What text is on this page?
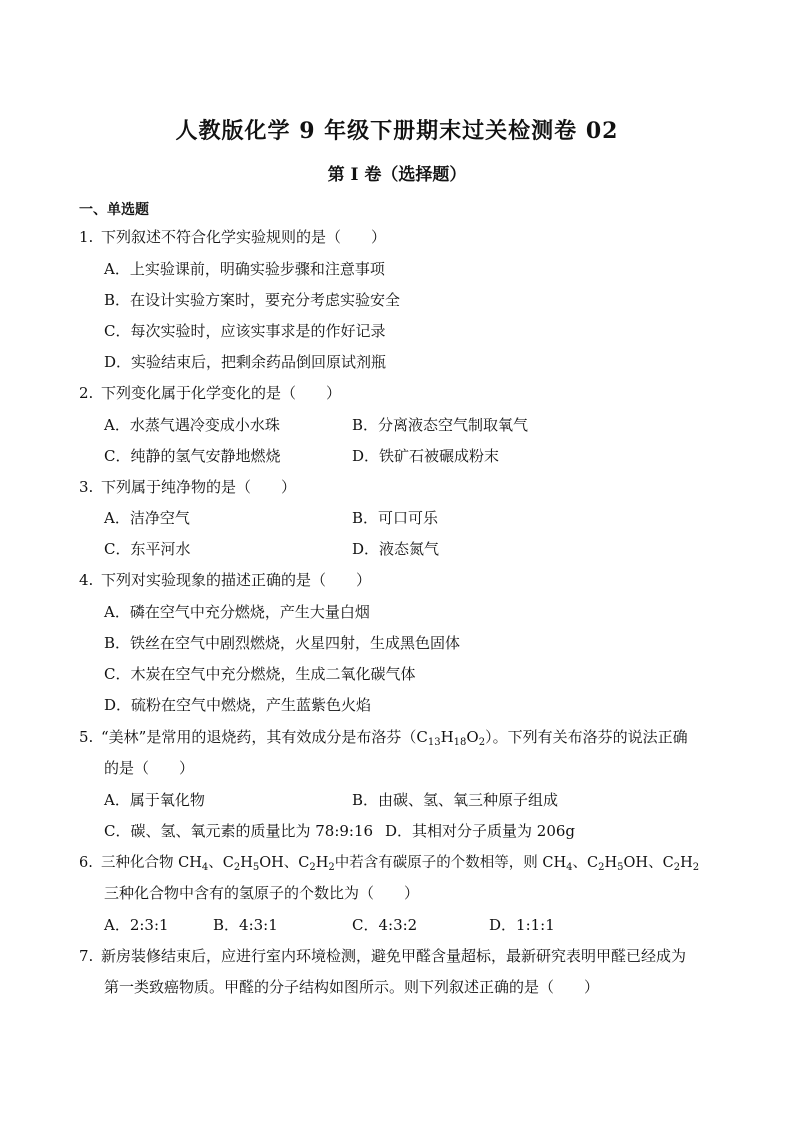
人教版化学 9 年级下册期末过关检测卷 02
第 I 卷（选择题）
一、单选题
1. 下列叙述不符合化学实验规则的是（　　）
A．上实验课前，明确实验步骤和注意事项
B．在设计实验方案时，要充分考虑实验安全
C．每次实验时，应该实事求是的作好记录
D．实验结束后，把剩余药品倒回原试剂瓶
2. 下列变化属于化学变化的是（　　）
A．水蒸气遇冷变成小水珠	B．分离液态空气制取氧气
C．纯静的氢气安静地燃烧	D．铁矿石被碾成粉末
3. 下列属于纯净物的是（　　）
A．洁净空气	B．可口可乐
C．东平河水	D．液态氮气
4. 下列对实验现象的描述正确的是（　　）
A．磷在空气中充分燃烧，产生大量白烟
B．铁丝在空气中剧烈燃烧，火星四射，生成黑色固体
C．木炭在空气中充分燃烧，生成二氧化碳气体
D．硫粉在空气中燃烧，产生蓝紫色火焰
5. “美林”是常用的退烧药，其有效成分是布洛芬$(C_{13}H_{18}O_2)$。下列有关布洛芬的说法正确
的是（　　）
A．属于氧化物	B．由碳、氢、氧三种原子组成
C．碳、氢、氧元素的质量比为 78:9:16 D．其相对分子质量为 206g
6. 三种化合物 $CH_4$、$C_2H_5OH$、$C_2H_2$中若含有碳原子的个数相等，则 $CH_4$、$C_2H_5OH$、$C_2H_2$
三种化合物中含有的氢原子的个数比为（　　）
A．2:3:1	B．4:3:1	C．4:3:2	D．1:1:1
7. 新房装修结束后，应进行室内环境检测，避免甲醛含量超标，最新研究表明甲醛已经成为
第一类致癌物质。甲醛的分子结构如图所示。则下列叙述正确的是（　　）
